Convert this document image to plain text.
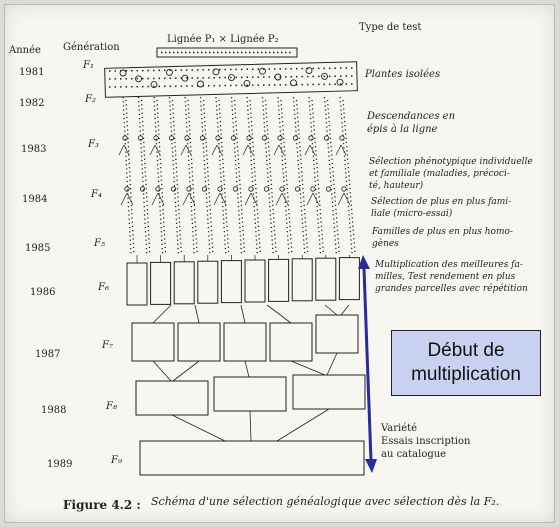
Année Génération
Lignée P₁ × Lignée P₂
Type de test
1981
1982
1983
1984
1985
1986
1987
1988
1989
F₁
F₂
F₃
F₄
F₅
F₆
F₇
F₈
F₉
Plantes isolées
Descendances en
épis à la ligne
Sélection phénotypique individuelle
et familiale (maladies, précoci-
té, hauteur)
Sélection de plus en plus fami-
liale (micro-essai)
Familles de plus en plus homo-
gènes
Multiplication des meilleures fa-
milles, Test rendement en plus
grandes parcelles avec répétition
Variété
Essais inscription
au catalogue
Figure 4.2 : Schéma d'une sélection généalogique avec sélection dès la F₂.
Début de
multiplication
